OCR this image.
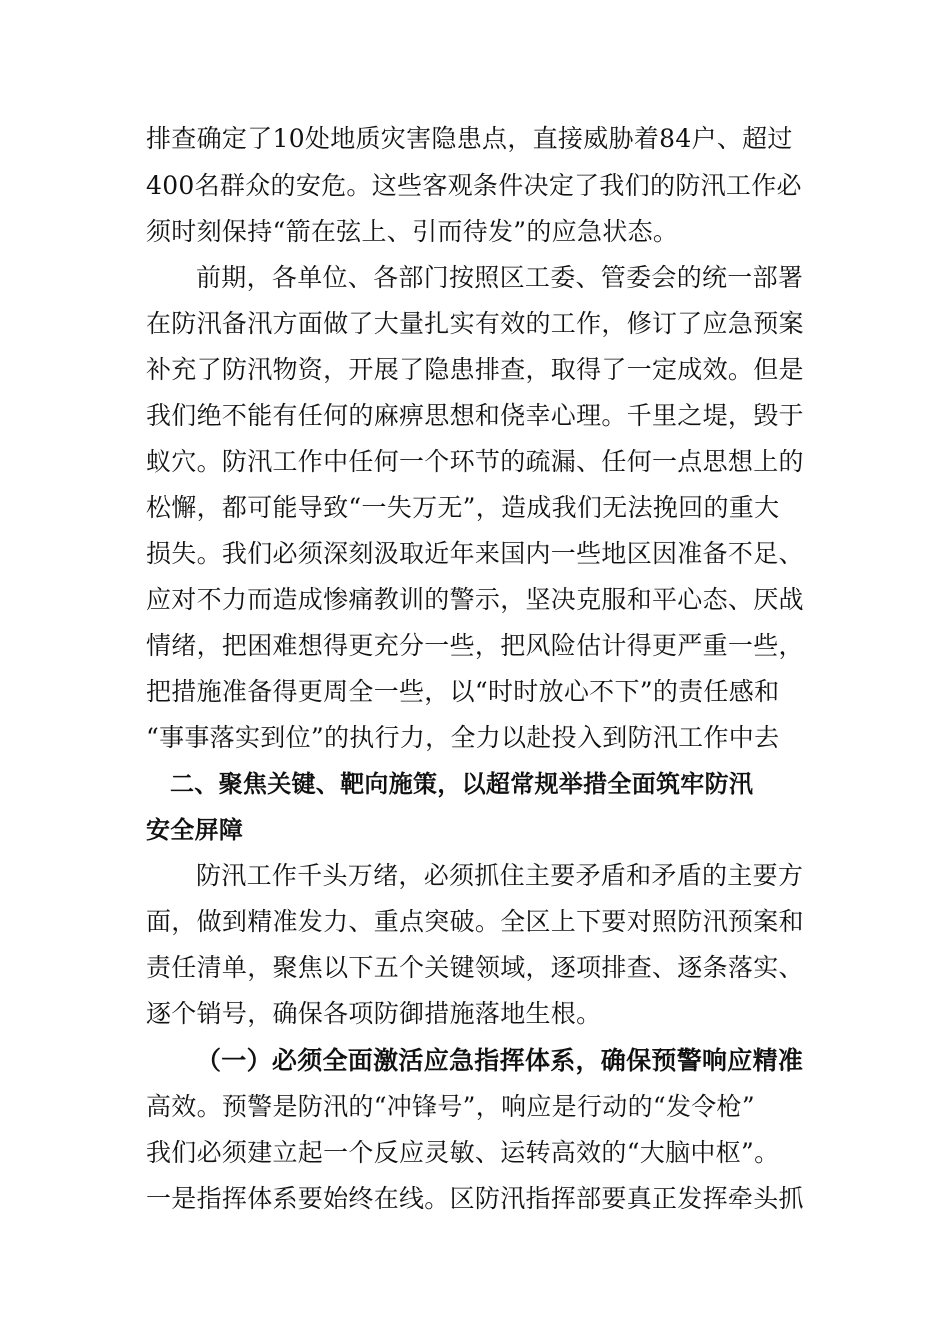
排查确定了10处地质灾害隐患点，直接威胁着84户、超过
400名群众的安危。这些客观条件决定了我们的防汛工作必
须时刻保持“箭在弦上、引而待发”的应急状态。
前期，各单位、各部门按照区工委、管委会的统一部署
在防汛备汛方面做了大量扎实有效的工作，修订了应急预案
补充了防汛物资，开展了隐患排查，取得了一定成效。但是
我们绝不能有任何的麻痹思想和侥幸心理。千里之堤，毁于
蚁穴。防汛工作中任何一个环节的疏漏、任何一点思想上的
松懈，都可能导致“一失万无”，造成我们无法挽回的重大
损失。我们必须深刻汲取近年来国内一些地区因准备不足、
应对不力而造成惨痛教训的警示，坚决克服和平心态、厌战
情绪，把困难想得更充分一些，把风险估计得更严重一些，
把措施准备得更周全一些，以“时时放心不下”的责任感和
“事事落实到位”的执行力，全力以赴投入到防汛工作中去
二、聚焦关键、靶向施策，以超常规举措全面筑牢防汛
安全屏障
防汛工作千头万绪，必须抓住主要矛盾和矛盾的主要方
面，做到精准发力、重点突破。全区上下要对照防汛预案和
责任清单，聚焦以下五个关键领域，逐项排查、逐条落实、
逐个销号，确保各项防御措施落地生根。
（一）必须全面激活应急指挥体系，确保预警响应精准
高效。预警是防汛的“冲锋号”，响应是行动的“发令枪”
我们必须建立起一个反应灵敏、运转高效的“大脑中枢”。
一是指挥体系要始终在线。区防汛指挥部要真正发挥牵头抓
